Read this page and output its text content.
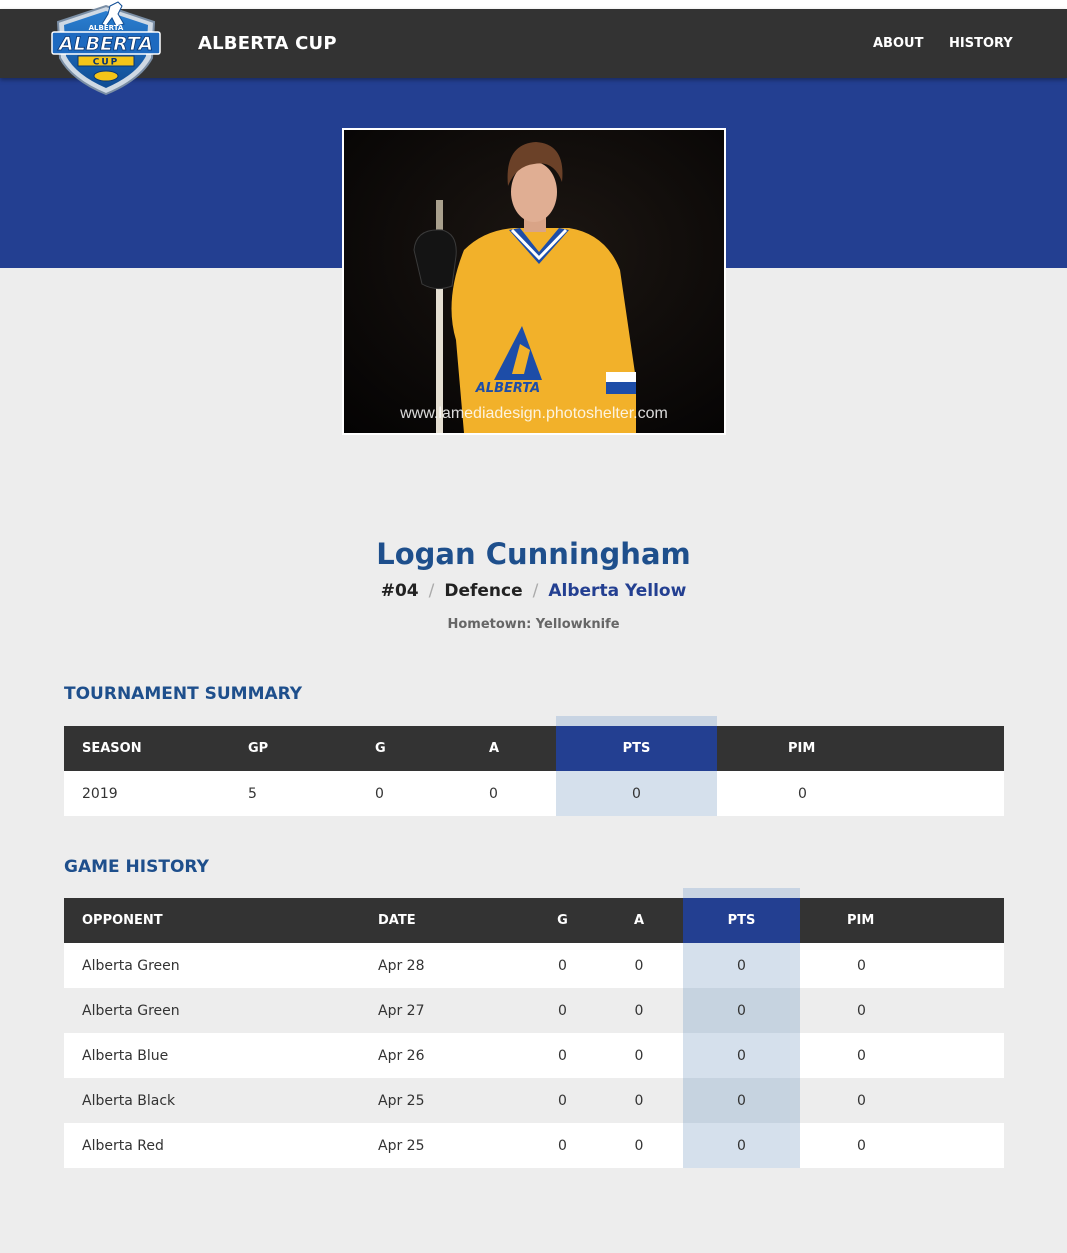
ALBERTA CUP	ABOUT HISTORY
ALBERTA
ALBERTA
CUP
ALBERTA
www.lamediadesign.photoshelter.com
Logan Cunningham
#04 / Defence / Alberta Yellow
Hometown: Yellowknife
TOURNAMENT SUMMARY
SEASON	GP	G	A	PTS	PIM
2019	5	0	0	0	0
GAME HISTORY
OPPONENT	DATE	G	A	PTS	PIM
Alberta Green	Apr 28	0	0	0	0
Alberta Green	Apr 27	0	0	0	0
Alberta Blue	Apr 26	0	0	0	0
Alberta Black	Apr 25	0	0	0	0
Alberta Red	Apr 25	0	0	0	0
